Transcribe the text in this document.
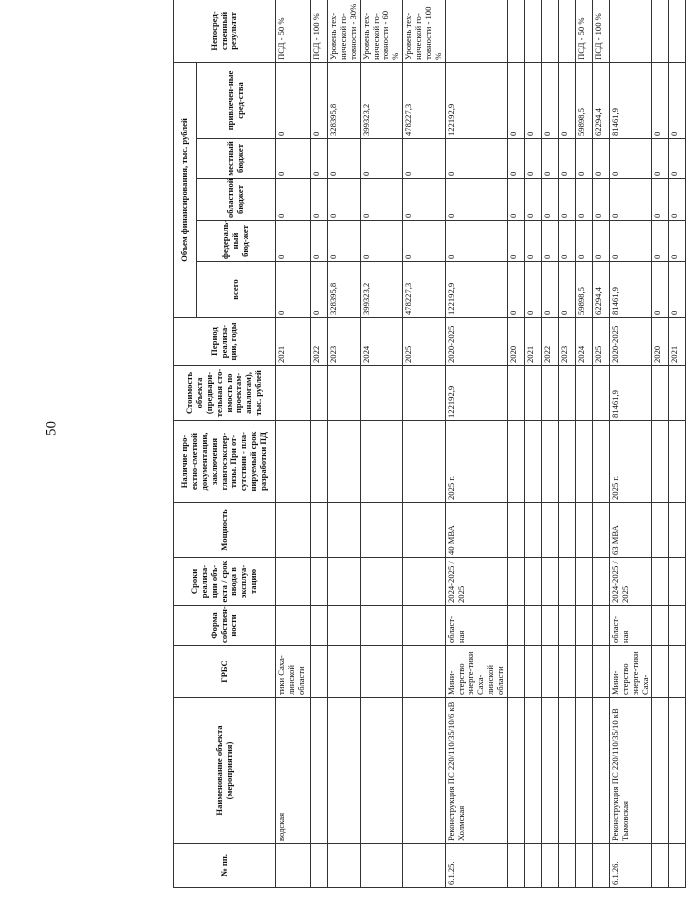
50
№ пп.	Наименование объекта (мероприятия)	ГРБС	Форма собствен-ности	Сроки реализа-ции объ-екта / срок ввода в эксплуа-тацию	Мощность	Наличие про-ектно-сметной документации, заключения главгосэкспер-тизы. При от-сутствии - пла-нируемый срок разработки ПД	Стоимость объекта (предвари-тельная сто-имость по проектам-аналогам), тыс. рублей	Период реализа-ции, годы	Объем финансирования, тыс. рублей					Непосред-ственный результат
									всего	федераль-ный бюд-жет	областной бюджет	местный бюджет	привлечен-ные сред-ства	
	водская	тики Саха-линской области						2021	0	0	0	0	0	ПСД - 50 %
								2022	0	0	0	0	0	ПСД - 100 %
								2023	328395,8	0	0	0	328395,8	Уровень тех-нической го-товности - 30%
								2024	399323,2	0	0	0	399323,2	Уровень тех-нической го-товности - 60 %
								2025	478227,3	0	0	0	478227,3	Уровень тех-нической го-товности - 100 %
6.1.25.	Реконструкция ПС 220/110/35/10/6 кВ Холмская	Мини-стерство энерге-тики Саха-линской области	област-ная	2024-2025 / 2025	40 МВА	2025 г.	122192,9	2020-2025	122192,9	0	0	0	122192,9	
								2020	0	0	0	0	0	
								2021	0	0	0	0	0	
								2022	0	0	0	0	0	
								2023	0	0	0	0	0	
								2024	59898,5	0	0	0	59898,5	ПСД - 50 %
								2025	62294,4	0	0	0	62294,4	ПСД - 100 %
6.1.26.	Реконструкция ПС 220/110/35/10 кВ Тымовская	Мини-стерство энерге-тики Саха-	област-ная	2024-2025 / 2025	63 МВА	2025 г.	81461,9	2020-2025	81461,9	0	0	0	81461,9	
								2020	0	0	0	0	0	
								2021	0	0	0	0	0	
